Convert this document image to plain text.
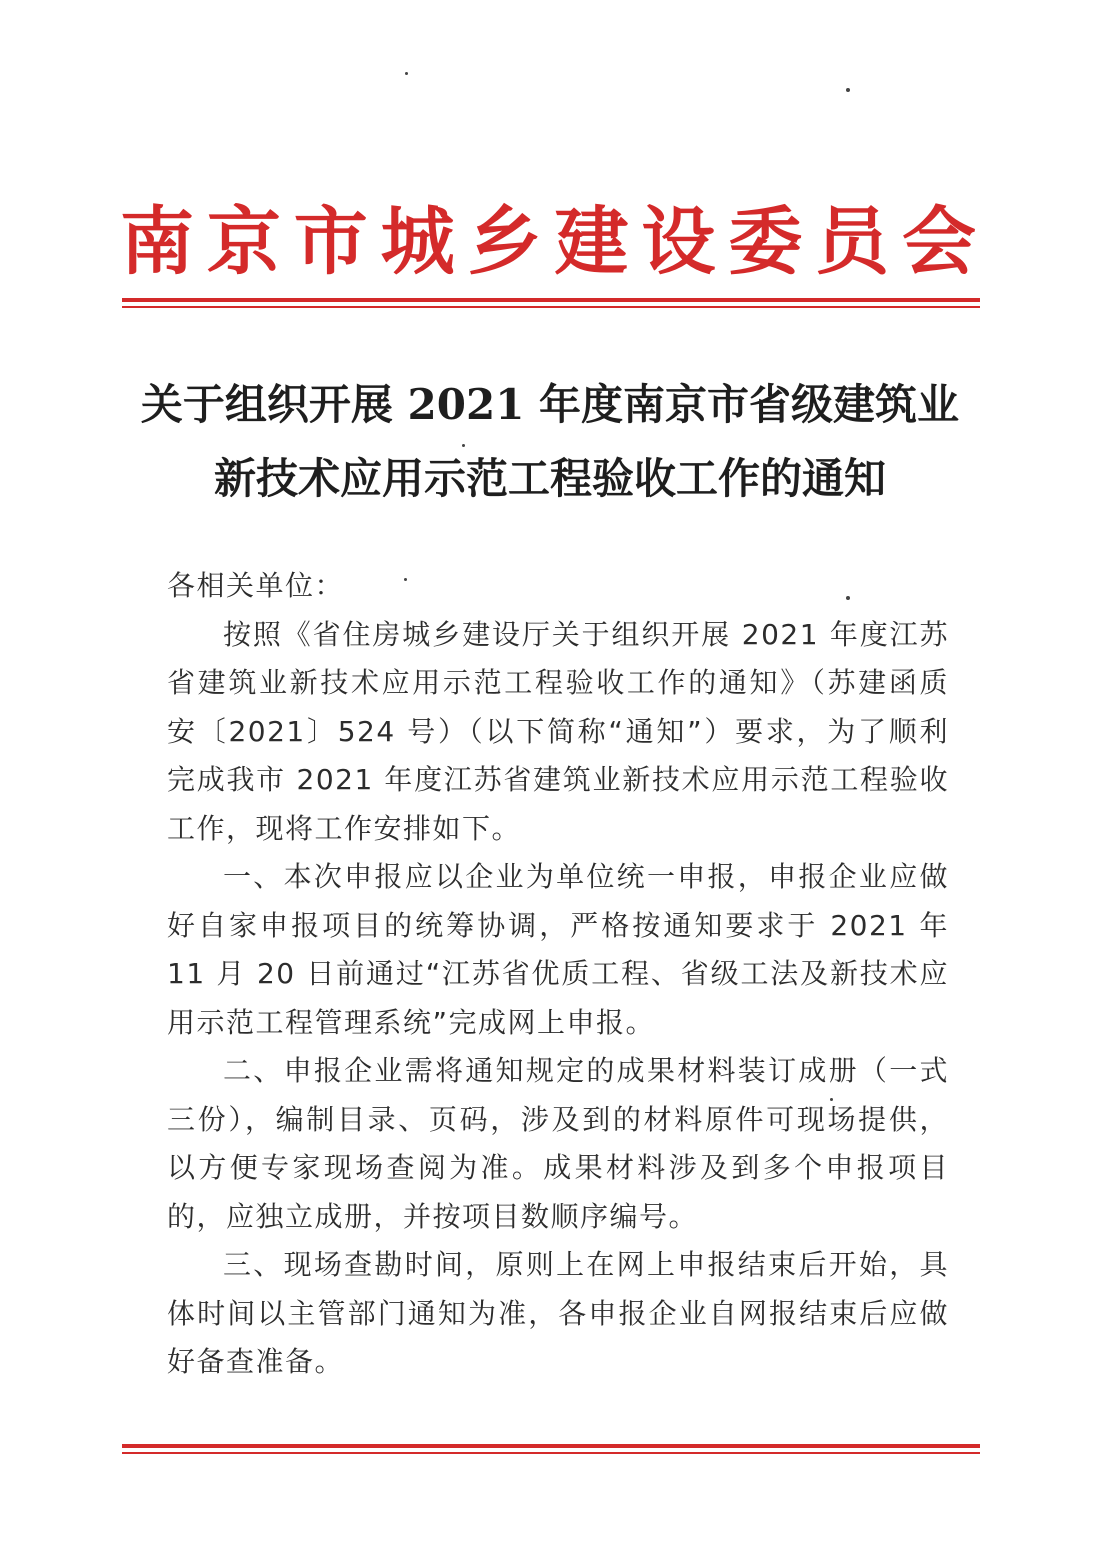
南京市城乡建设委员会
关于组织开展 2021 年度南京市省级建筑业
新技术应用示范工程验收工作的通知

各相关单位：

按照《省住房城乡建设厅关于组织开展 2021 年度江苏省建筑业新技术应用示范工程验收工作的通知》（苏建函质安〔2021〕524 号）（以下简称“通知”）要求，为了顺利完成我市 2021 年度江苏省建筑业新技术应用示范工程验收工作，现将工作安排如下。

一、本次申报应以企业为单位统一申报，申报企业应做好自家申报项目的统筹协调，严格按通知要求于 2021 年 11 月 20 日前通过“江苏省优质工程、省级工法及新技术应用示范工程管理系统”完成网上申报。

二、申报企业需将通知规定的成果材料装订成册（一式三份），编制目录、页码，涉及到的材料原件可现场提供，以方便专家现场查阅为准。成果材料涉及到多个申报项目的，应独立成册，并按项目数顺序编号。

三、现场查勘时间，原则上在网上申报结束后开始，具体时间以主管部门通知为准，各申报企业自网报结束后应做好备查准备。
